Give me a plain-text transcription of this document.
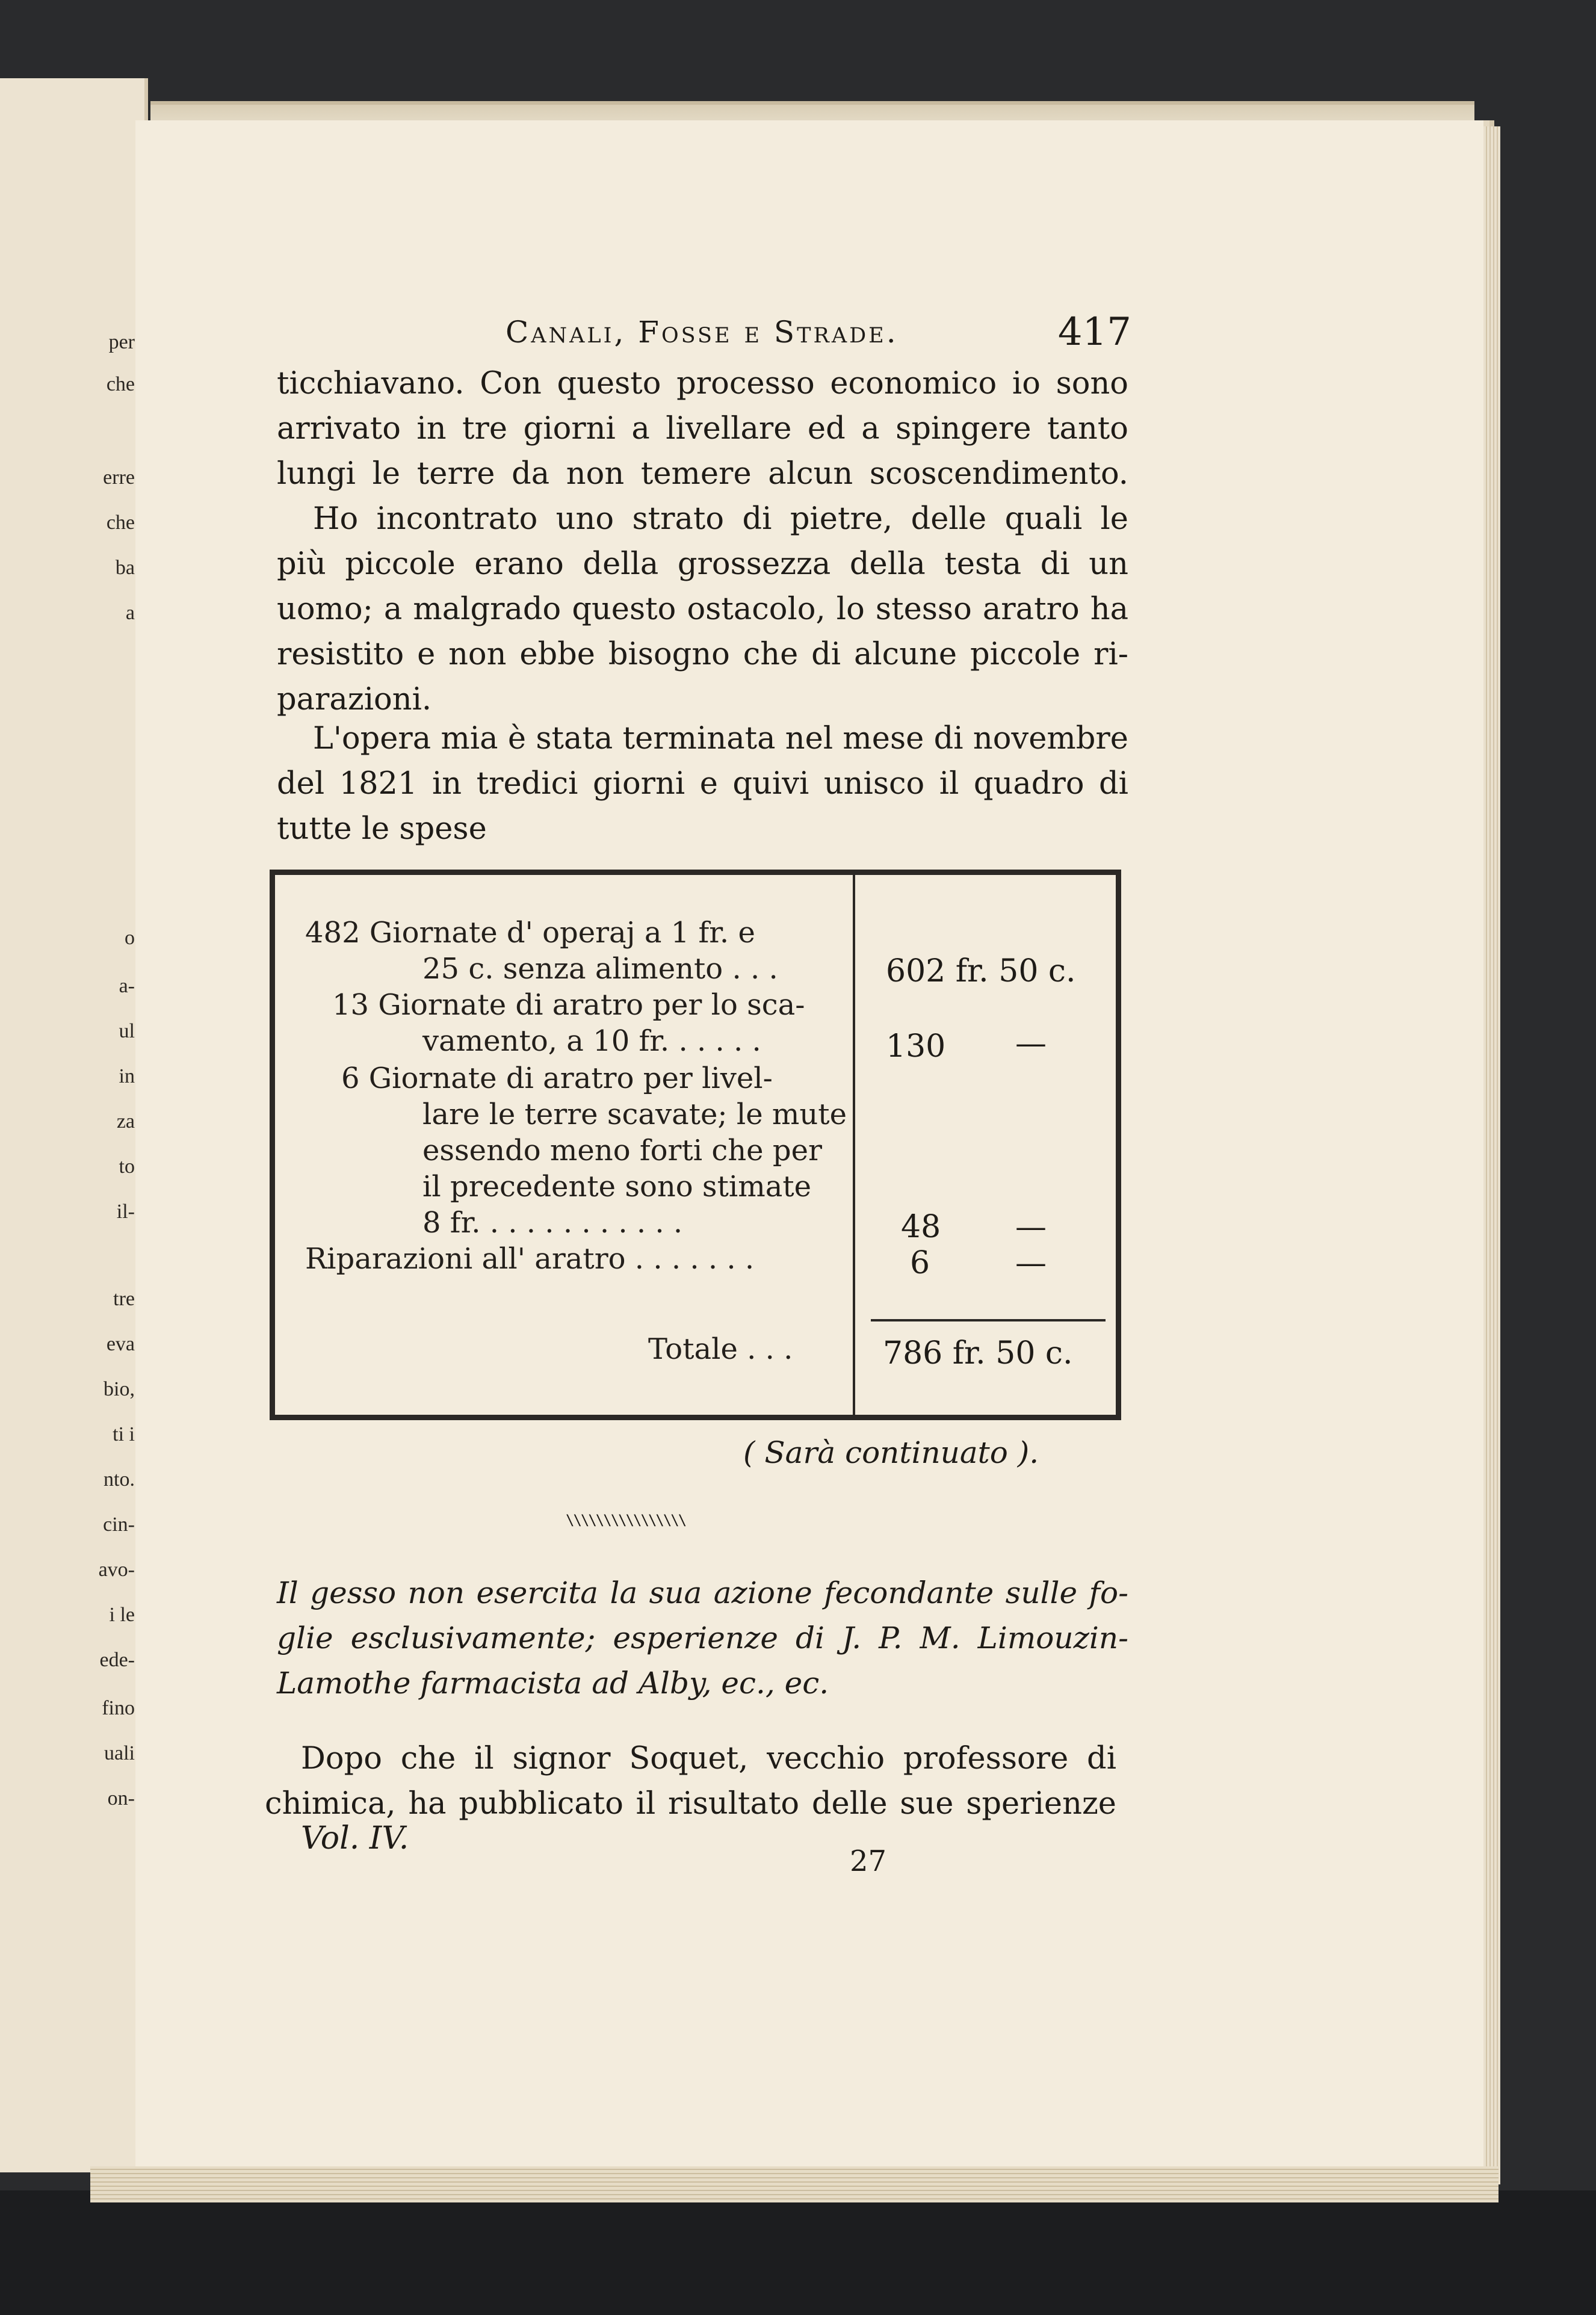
per
che
erre
che
ba
a
o
a-
ul
in
za
to
il-
tre
eva
bio,
ti i
nto.
cin-
avo-
i le
ede-
fino
uali
on-
Canali, Fosse e Strade.	417
ticchiavano. Con questo processo economico io sono
arrivato in tre giorni a livellare ed a spingere tanto
lungi le terre da non temere alcun scoscendimento.
Ho incontrato uno strato di pietre, delle quali le
più piccole erano della grossezza della testa di un
uomo; a malgrado questo ostacolo, lo stesso aratro ha
resistito e non ebbe bisogno che di alcune piccole ri-
parazioni.
L'opera mia è stata terminata nel mese di novembre
del 1821 in tredici giorni e quivi unisco il quadro di
tutte le spese
482 Giornate d' operaj a 1 fr. e
25 c. senza alimento . . .
13 Giornate di aratro per lo sca-
vamento, a 10 fr. . . . . .
6 Giornate di aratro per livel-
lare le terre scavate; le mute
essendo meno forti che per
il precedente sono stimate
8 fr. . . . . . . . . . . .
Riparazioni all' aratro . . . . . . .
Totale . . .
602 fr. 50 c.
130 —
48 —
6	—
786 fr. 50 c.
( Sarà continuato ).
\\\\\\\\\\\\\\\\
Il gesso non esercita la sua azione fecondante sulle fo-
glie esclusivamente; esperienze di J. P. M. Limouzin-
Lamothe farmacista ad Alby, ec., ec.
Dopo che il signor Soquet, vecchio professore di
chimica, ha pubblicato il risultato delle sue sperienze
Vol. IV.
27
